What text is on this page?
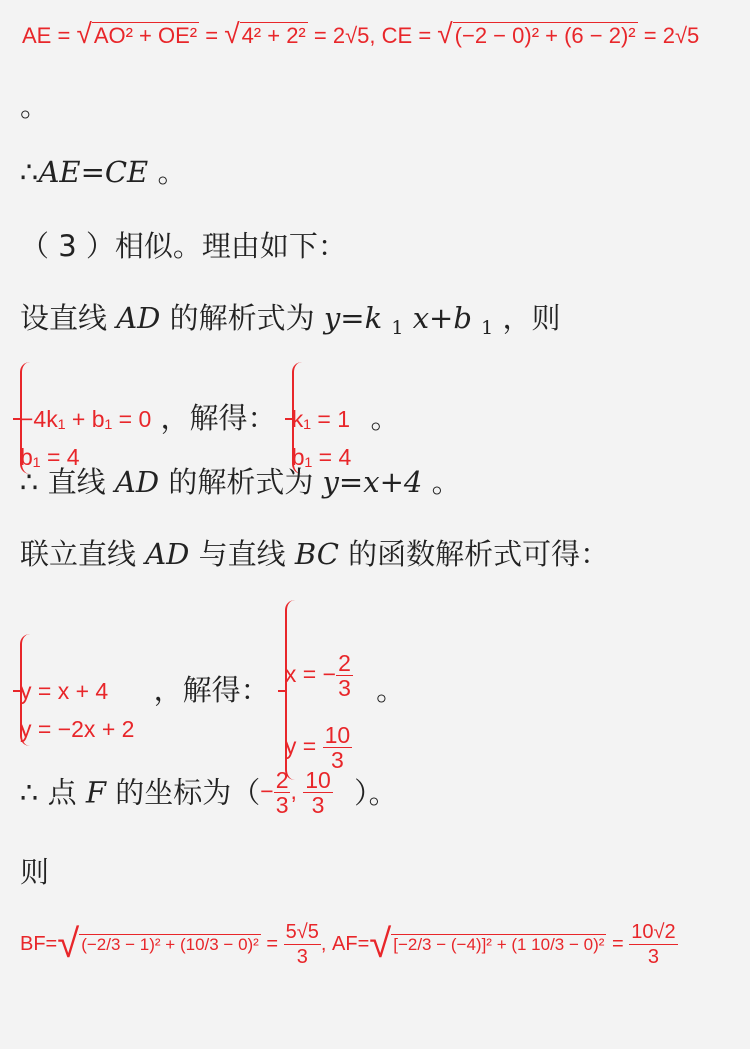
AE = √AO² + OE² = √4² + 2² = 2√5, CE = √(−2 − 0)² + (6 − 2)² = 2√5
。
∴AE=CE 。
（ 3 ）相似。理由如下：
设直线 AD 的解析式为 y=k $_1$ x+b $_1$ ，则
−4k₁ + b₁ = 0
b₁ = 4
，解得： k₁ = 1
b₁ = 4
。
∴ 直线 AD 的解析式为 y=x+4 。
联立直线 AD 与直线 BC 的函数解析式可得：
y = x + 4
y = −2x + 2
，解得： x = − $\frac{2}{3}$
$y = \frac{10}{3}$
。
∴ 点 F 的坐标为（− $\frac{2}{3}$ , $\frac{10}{3}$ ）。
则
BF=√ $(-2/3 - 1)^2 + (10/3 - 0)^2 = \frac{5√5}{3}$ , AF=√ [−2/3 − (−4)]² + (1 $10/3 - 0)^2 = \frac{10√2}{3}$
